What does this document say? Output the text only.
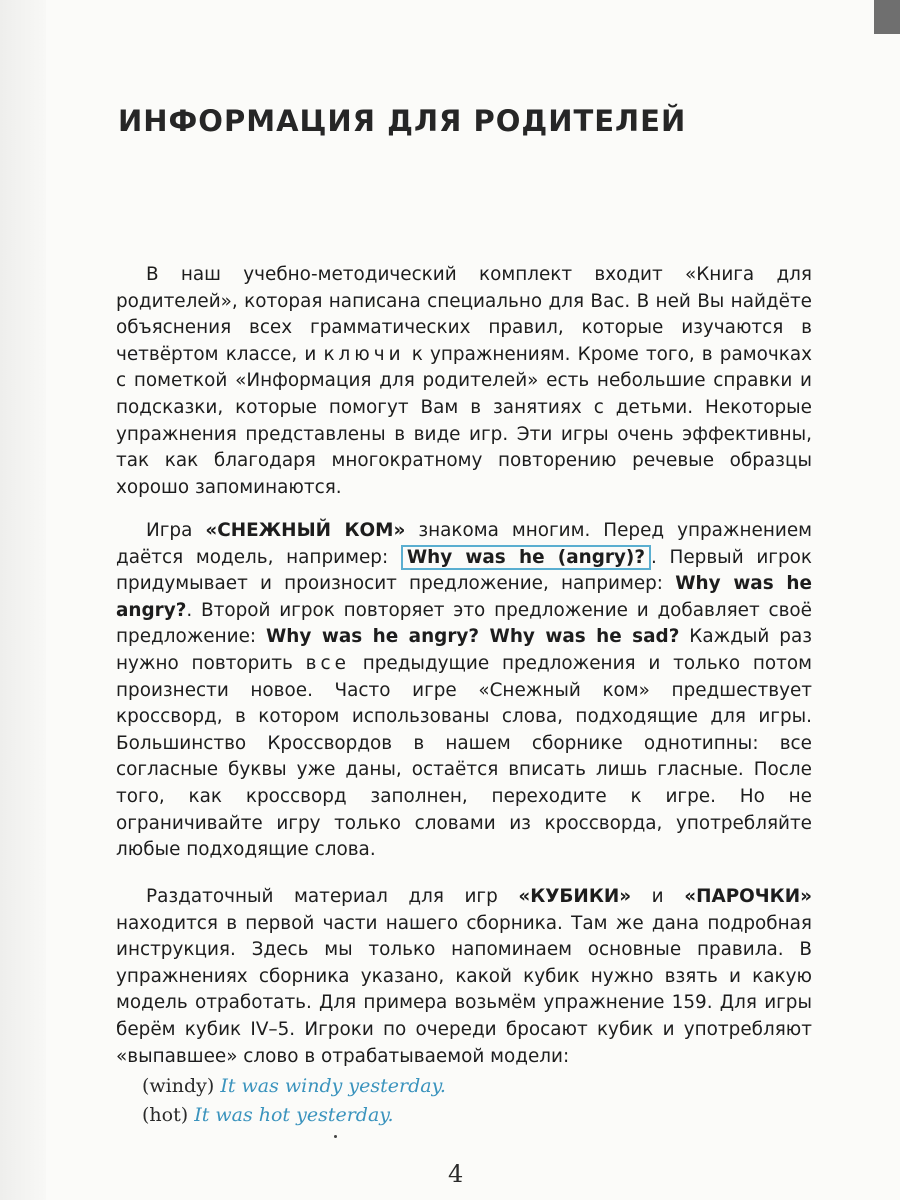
ИНФОРМАЦИЯ ДЛЯ РОДИТЕЛЕЙ

В наш учебно-методический комплект входит «Книга для родителей», которая написана специально для Вас. В ней Вы найдёте объяснения всех грамматических правил, которые изучаются в четвёртом классе, и ключи к упражнениям. Кроме того, в рамочках с пометкой «Информация для родителей» есть небольшие справки и подсказки, которые помогут Вам в занятиях с детьми. Некоторые упражнения представлены в виде игр. Эти игры очень эффективны, так как благодаря многократному повторению речевые образцы хорошо запоминаются.

Игра «СНЕЖНЫЙ КОМ» знакома многим. Перед упражнением даётся модель, например: Why was he (angry)? . Первый игрок придумывает и произносит предложение, например: Why was he angry?. Второй игрок повторяет это предложение и добавляет своё предложение: Why was he angry? Why was he sad? Каждый раз нужно повторить все предыдущие предложения и только потом произнести новое. Часто игре «Снежный ком» предшествует кроссворд, в котором использованы слова, подходящие для игры. Большинство Кроссвордов в нашем сборнике однотипны: все согласные буквы уже даны, остаётся вписать лишь гласные. После того, как кроссворд заполнен, переходите к игре. Но не ограничивайте игру только словами из кроссворда, употребляйте любые подходящие слова.

Раздаточный материал для игр «КУБИКИ» и «ПАРОЧКИ» находится в первой части нашего сборника. Там же дана подробная инструкция. Здесь мы только напоминаем основные правила. В упражнениях сборника указано, какой кубик нужно взять и какую модель отработать. Для примера возьмём упражнение 159. Для игры берём кубик IV–5. Игроки по очереди бросают кубик и употребляют «выпавшее» слово в отрабатываемой модели:

(windy) It was windy yesterday.
(hot) It was hot yesterday.
4
